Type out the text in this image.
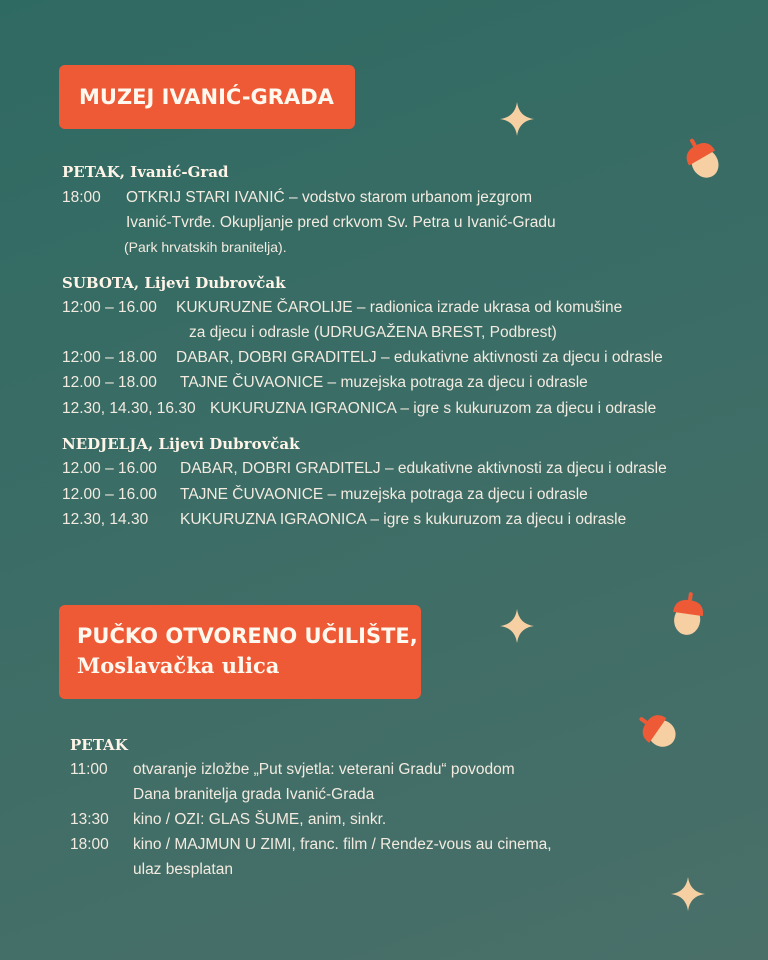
MUZEJ IVANIĆ-GRADA
PETAK, Ivanić-Grad
18:00 OTKRIJ STARI IVANIĆ – vodstvo starom urbanom jezgrom
Ivanić-Tvrđe. Okupljanje pred crkvom Sv. Petra u Ivanić-Gradu
(Park hrvatskih branitelja).
SUBOTA, Lijevi Dubrovčak
12:00 – 16.00 KUKURUZNE ČAROLIJE – radionica izrade ukrasa od komušine
za djecu i odrasle (UDRUGAŽENA BREST, Podbrest)
12:00 – 18.00 DABAR, DOBRI GRADITELJ – edukativne aktivnosti za djecu i odrasle
12.00 – 18.00 TAJNE ČUVAONICE – muzejska potraga za djecu i odrasle
12.30, 14.30, 16.30 KUKURUZNA IGRAONICA – igre s kukuruzom za djecu i odrasle
NEDJELJA, Lijevi Dubrovčak
12.00 – 16.00 DABAR, DOBRI GRADITELJ – edukativne aktivnosti za djecu i odrasle
12.00 – 16.00 TAJNE ČUVAONICE – muzejska potraga za djecu i odrasle
12.30, 14.30 KUKURUZNA IGRAONICA – igre s kukuruzom za djecu i odrasle
PUČKO OTVORENO UČILIŠTE,
Moslavačka ulica
PETAK
11:00 otvaranje izložbe „Put svjetla: veterani Gradu“ povodom
Dana branitelja grada Ivanić-Grada
13:30 kino / OZI: GLAS ŠUME, anim, sinkr.
18:00 kino / MAJMUN U ZIMI, franc. film / Rendez-vous au cinema,
ulaz besplatan
